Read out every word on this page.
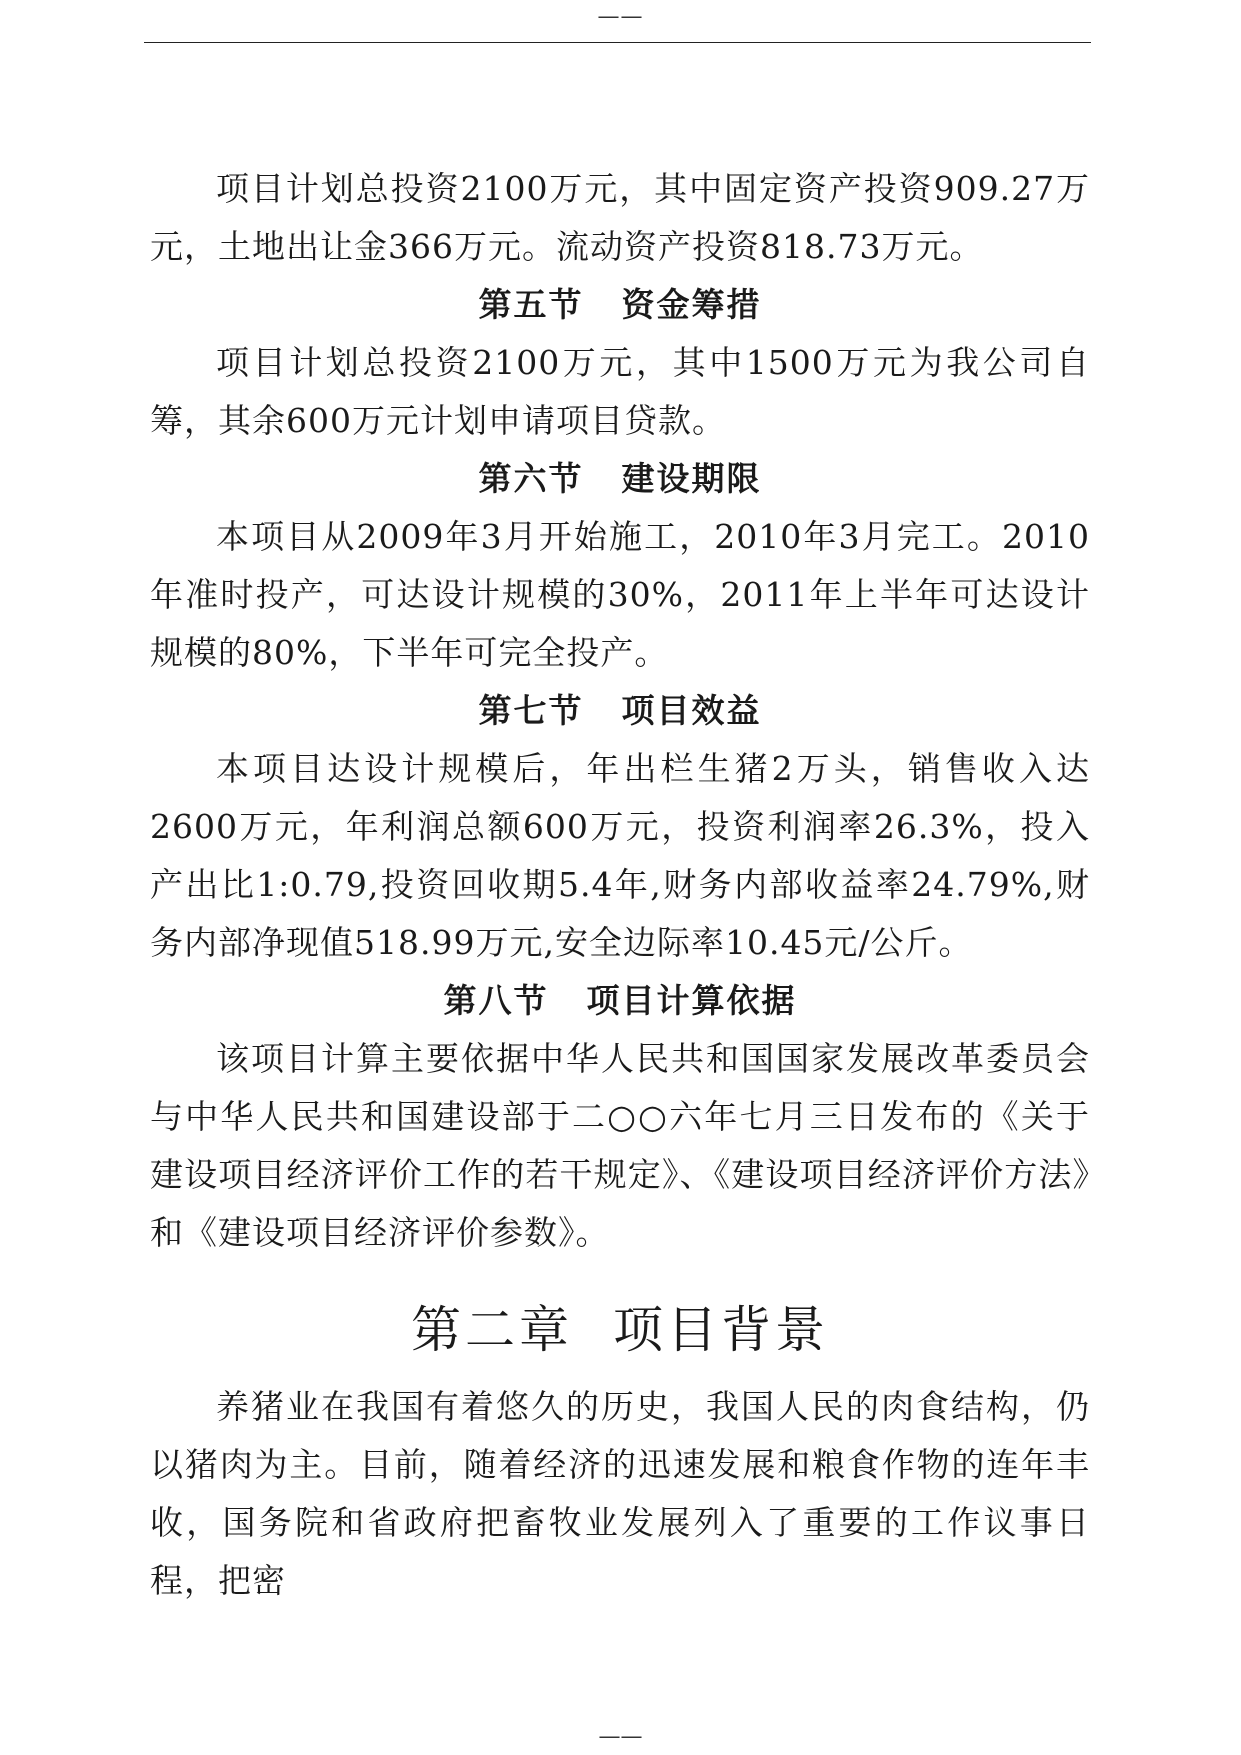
——

项目计划总投资2100万元，其中固定资产投资909.27万元，土地出让金366万元。流动资产投资818.73万元。

第五节 资金筹措

项目计划总投资2100万元，其中1500万元为我公司自筹，其余600万元计划申请项目贷款。

第六节 建设期限

本项目从2009年3月开始施工，2010年3月完工。2010年准时投产，可达设计规模的30%，2011年上半年可达设计规模的80%，下半年可完全投产。

第七节 项目效益

本项目达设计规模后，年出栏生猪2万头，销售收入达2600万元，年利润总额600万元，投资利润率26.3%，投入产出比1:0.79,投资回收期5.4年,财务内部收益率24.79%,财务内部净现值518.99万元,安全边际率10.45元/公斤。

第八节 项目计算依据

该项目计算主要依据中华人民共和国国家发展改革委员会与中华人民共和国建设部于二○○六年七月三日发布的《关于建设项目经济评价工作的若干规定》、《建设项目经济评价方法》和《建设项目经济评价参数》。

第二章 项目背景

养猪业在我国有着悠久的历史，我国人民的肉食结构，仍以猪肉为主。目前，随着经济的迅速发展和粮食作物的连年丰收，国务院和省政府把畜牧业发展列入了重要的工作议事日程，把密

——
